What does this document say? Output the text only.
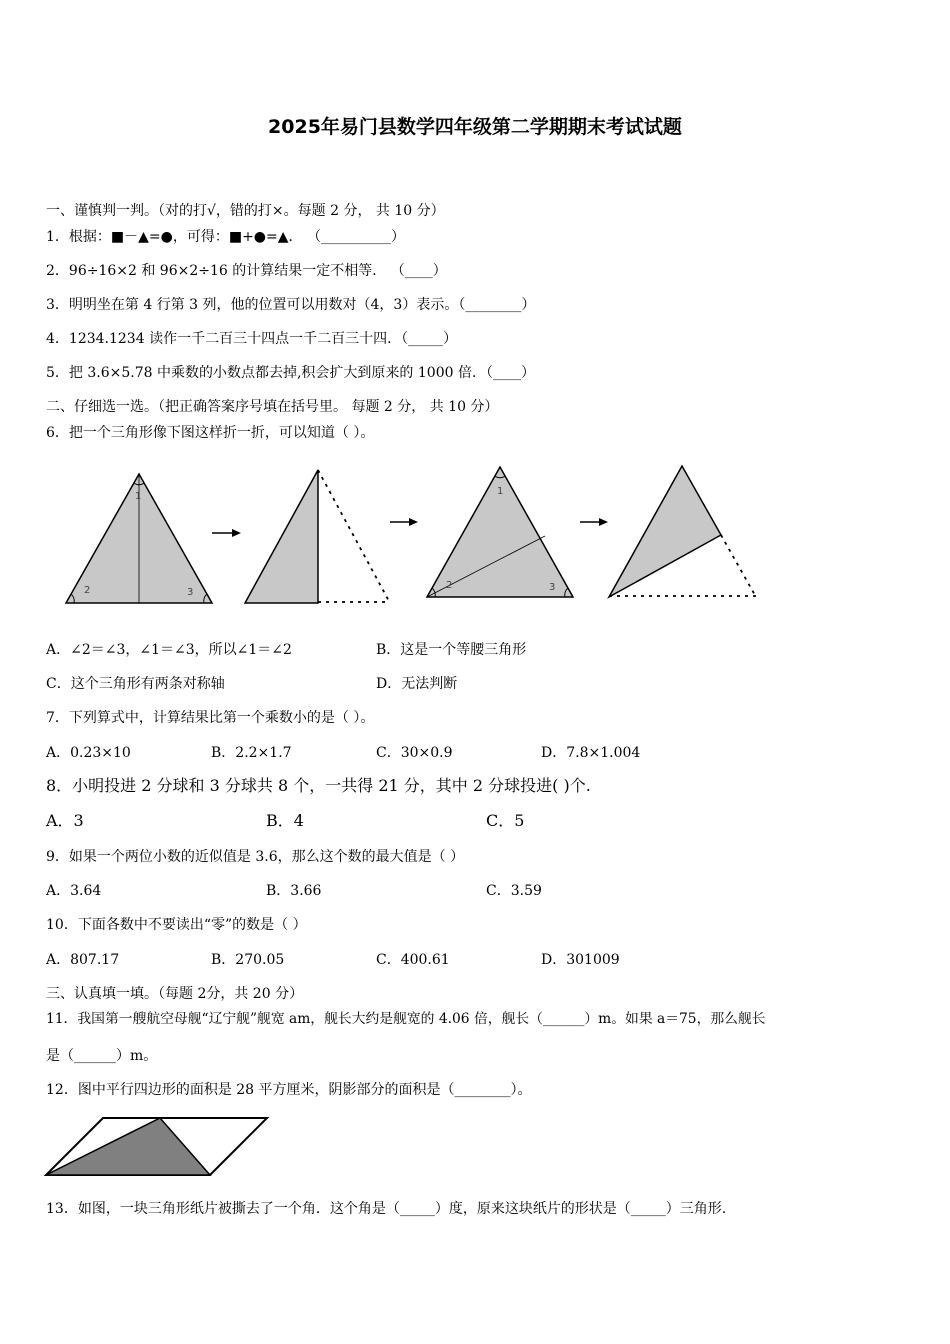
2025年易门县数学四年级第二学期期末考试试题
一、谨慎判一判。（对的打√，错的打×。每题 2 分， 共 10 分）
1．根据：■－▲=●，可得：■+●=▲． （__________）
2．96÷16×2 和 96×2÷16 的计算结果一定不相等． （____）
3．明明坐在第 4 行第 3 列，他的位置可以用数对（4，3）表示。（________）
4．1234.1234 读作一千二百三十四点一千二百三十四．（_____）
5．把 3.6×5.78 中乘数的小数点都去掉,积会扩大到原来的 1000 倍．（____）
二、仔细选一选。（把正确答案序号填在括号里。 每题 2 分， 共 10 分）
6．把一个三角形像下图这样折一折，可以知道（ ）。
1
2	3
1
2	3
A．∠2＝∠3，∠1＝∠3，所以∠1＝∠2	B．这是一个等腰三角形
C．这个三角形有两条对称轴	D．无法判断
7．下列算式中，计算结果比第一个乘数小的是（ ）。
A．0.23×10	B．2.2×1.7	C．30×0.9	D．7.8×1.004
8．小明投进 2 分球和 3 分球共 8 个，一共得 21 分，其中 2 分球投进( )个.
A．3	B．4	C．5
9．如果一个两位小数的近似值是 3.6，那么这个数的最大值是（ ）
A．3.64	B．3.66	C．3.59
10．下面各数中不要读出“零”的数是（ ）
A．807.17	B．270.05	C．400.61	D．301009
三、认真填一填。（每题 2分，共 20 分）
11．我国第一艘航空母舰“辽宁舰”舰宽 am，舰长大约是舰宽的 4.06 倍，舰长（______）m。如果 a＝75，那么舰长
是（______）m。
12．图中平行四边形的面积是 28 平方厘米，阴影部分的面积是（________）。
13．如图，一块三角形纸片被撕去了一个角．这个角是（_____）度，原来这块纸片的形状是（_____）三角形.
